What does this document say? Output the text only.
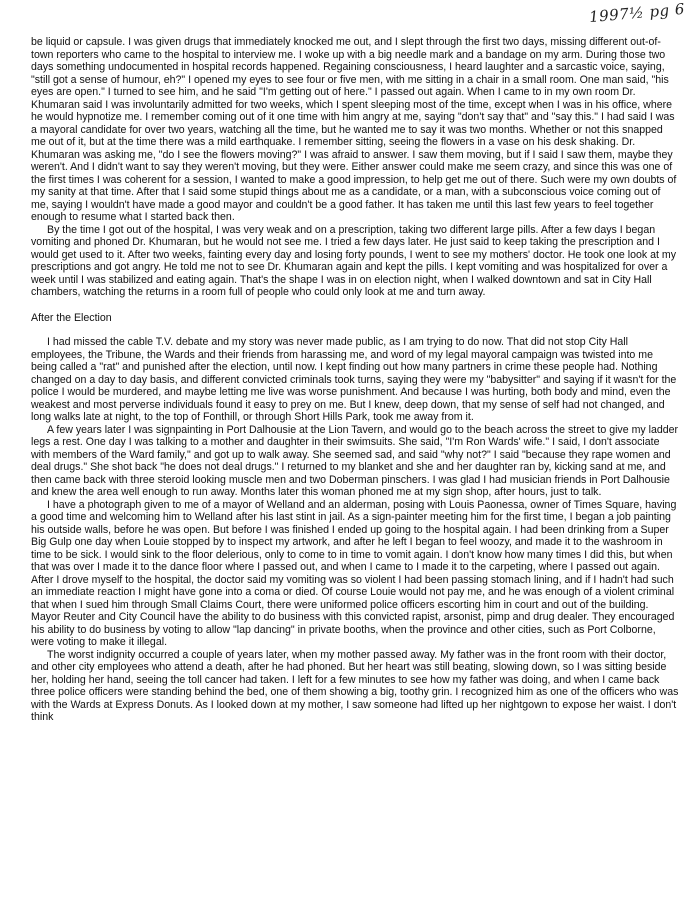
1997½ pg 6

be liquid or capsule. I was given drugs that immediately knocked me out, and I slept through the first two days, missing different out-of-town reporters who came to the hospital to interview me. I woke up with a big needle mark and a bandage on my arm. During those two days something undocumented in hospital records happened. Regaining consciousness, I heard laughter and a sarcastic voice, saying, "still got a sense of humour, eh?" I opened my eyes to see four or five men, with me sitting in a chair in a small room. One man said, "his eyes are open." I turned to see him, and he said "I'm getting out of here." I passed out again. When I came to in my own room Dr. Khumaran said I was involuntarily admitted for two weeks, which I spent sleeping most of the time, except when I was in his office, where he would hypnotize me. I remember coming out of it one time with him angry at me, saying "don't say that" and "say this." I had said I was a mayoral candidate for over two years, watching all the time, but he wanted me to say it was two months. Whether or not this snapped me out of it, but at the time there was a mild earthquake. I remember sitting, seeing the flowers in a vase on his desk shaking. Dr. Khumaran was asking me, "do I see the flowers moving?" I was afraid to answer. I saw them moving, but if I said I saw them, maybe they weren't. And I didn't want to say they weren't moving, but they were. Either answer could make me seem crazy, and since this was one of the first times I was coherent for a session, I wanted to make a good impression, to help get me out of there. Such were my own doubts of my sanity at that time. After that I said some stupid things about me as a candidate, or a man, with a subconscious voice coming out of me, saying I wouldn't have made a good mayor and couldn't be a good father. It has taken me until this last few years to feel together enough to resume what I started back then.

By the time I got out of the hospital, I was very weak and on a prescription, taking two different large pills. After a few days I began vomiting and phoned Dr. Khumaran, but he would not see me. I tried a few days later. He just said to keep taking the prescription and I would get used to it. After two weeks, fainting every day and losing forty pounds, I went to see my mothers' doctor. He took one look at my prescriptions and got angry. He told me not to see Dr. Khumaran again and kept the pills. I kept vomiting and was hospitalized for over a week until I was stabilized and eating again. That's the shape I was in on election night, when I walked downtown and sat in City Hall chambers, watching the returns in a room full of people who could only look at me and turn away.

After the Election

I had missed the cable T.V. debate and my story was never made public, as I am trying to do now. That did not stop City Hall employees, the Tribune, the Wards and their friends from harassing me, and word of my legal mayoral campaign was twisted into me being called a "rat" and punished after the election, until now. I kept finding out how many partners in crime these people had. Nothing changed on a day to day basis, and different convicted criminals took turns, saying they were my "babysitter" and saying if it wasn't for the police I would be murdered, and maybe letting me live was worse punishment. And because I was hurting, both body and mind, even the weakest and most perverse individuals found it easy to prey on me. But I knew, deep down, that my sense of self had not changed, and long walks late at night, to the top of Fonthill, or through Short Hills Park, took me away from it.

A few years later I was signpainting in Port Dalhousie at the Lion Tavern, and would go to the beach across the street to give my ladder legs a rest. One day I was talking to a mother and daughter in their swimsuits. She said, "I'm Ron Wards' wife." I said, I don't associate with members of the Ward family," and got up to walk away. She seemed sad, and said "why not?" I said "because they rape women and deal drugs." She shot back "he does not deal drugs." I returned to my blanket and she and her daughter ran by, kicking sand at me, and then came back with three steroid looking muscle men and two Doberman pinschers. I was glad I had musician friends in Port Dalhousie and knew the area well enough to run away. Months later this woman phoned me at my sign shop, after hours, just to talk.

I have a photograph given to me of a mayor of Welland and an alderman, posing with Louis Paonessa, owner of Times Square, having a good time and welcoming him to Welland after his last stint in jail. As a sign-painter meeting him for the first time, I began a job painting his outside walls, before he was open. But before I was finished I ended up going to the hospital again. I had been drinking from a Super Big Gulp one day when Louie stopped by to inspect my artwork, and after he left I began to feel woozy, and made it to the washroom in time to be sick. I would sink to the floor delerious, only to come to in time to vomit again. I don't know how many times I did this, but when that was over I made it to the dance floor where I passed out, and when I came to I made it to the carpeting, where I passed out again. After I drove myself to the hospital, the doctor said my vomiting was so violent I had been passing stomach lining, and if I hadn't had such an immediate reaction I might have gone into a coma or died. Of course Louie would not pay me, and he was enough of a violent criminal that when I sued him through Small Claims Court, there were uniformed police officers escorting him in court and out of the building. Mayor Reuter and City Council have the ability to do business with this convicted rapist, arsonist, pimp and drug dealer. They encouraged his ability to do business by voting to allow "lap dancing" in private booths, when the province and other cities, such as Port Colborne, were voting to make it illegal.

The worst indignity occurred a couple of years later, when my mother passed away. My father was in the front room with their doctor, and other city employees who attend a death, after he had phoned. But her heart was still beating, slowing down, so I was sitting beside her, holding her hand, seeing the toll cancer had taken. I left for a few minutes to see how my father was doing, and when I came back three police officers were standing behind the bed, one of them showing a big, toothy grin. I recognized him as one of the officers who was with the Wards at Express Donuts. As I looked down at my mother, I saw someone had lifted up her nightgown to expose her waist. I don't think
